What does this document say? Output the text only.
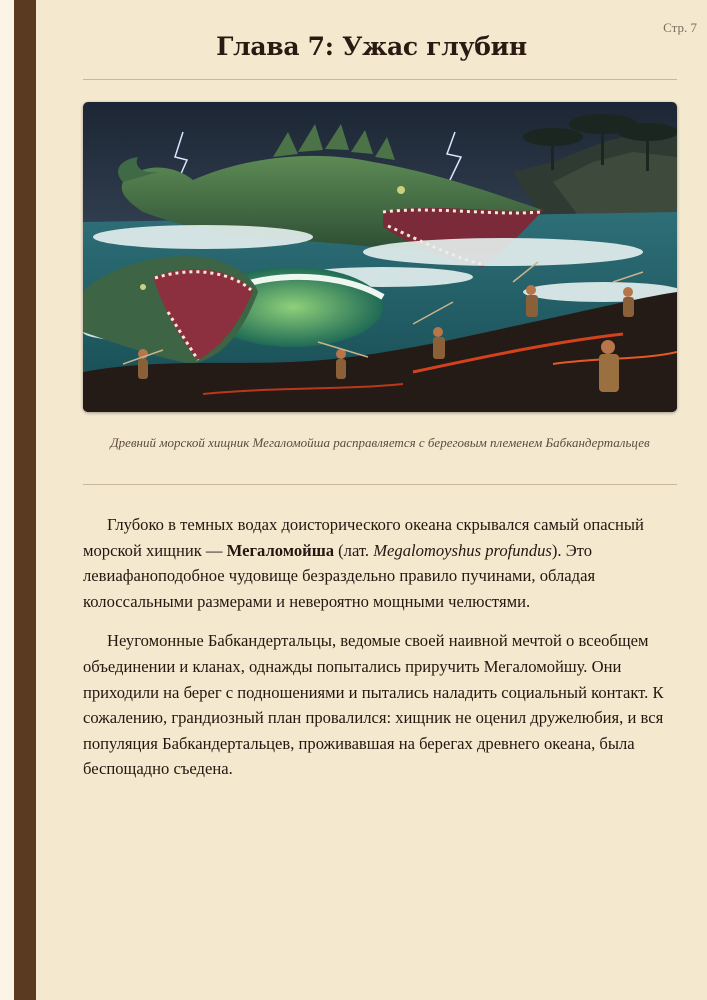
Стр. 7
Глава 7: Ужас глубин
Древний морской хищник Мегаломойша расправляется с береговым племенем Бабкандертальцев

Глубоко в темных водах доисторического океана скрывался самый опасный морской хищник — Мегаломойша (лат. Megalomoyshus profundus). Это левиафаноподобное чудовище безраздельно правило пучинами, обладая колоссальными размерами и невероятно мощными челюстями.

Неугомонные Бабкандертальцы, ведомые своей наивной мечтой о всеобщем объединении и кланах, однажды попытались приручить Мегаломойшу. Они приходили на берег с подношениями и пытались наладить социальный контакт. К сожалению, грандиозный план провалился: хищник не оценил дружелюбия, и вся популяция Бабкандертальцев, проживавшая на берегах древнего океана, была беспощадно съедена.
